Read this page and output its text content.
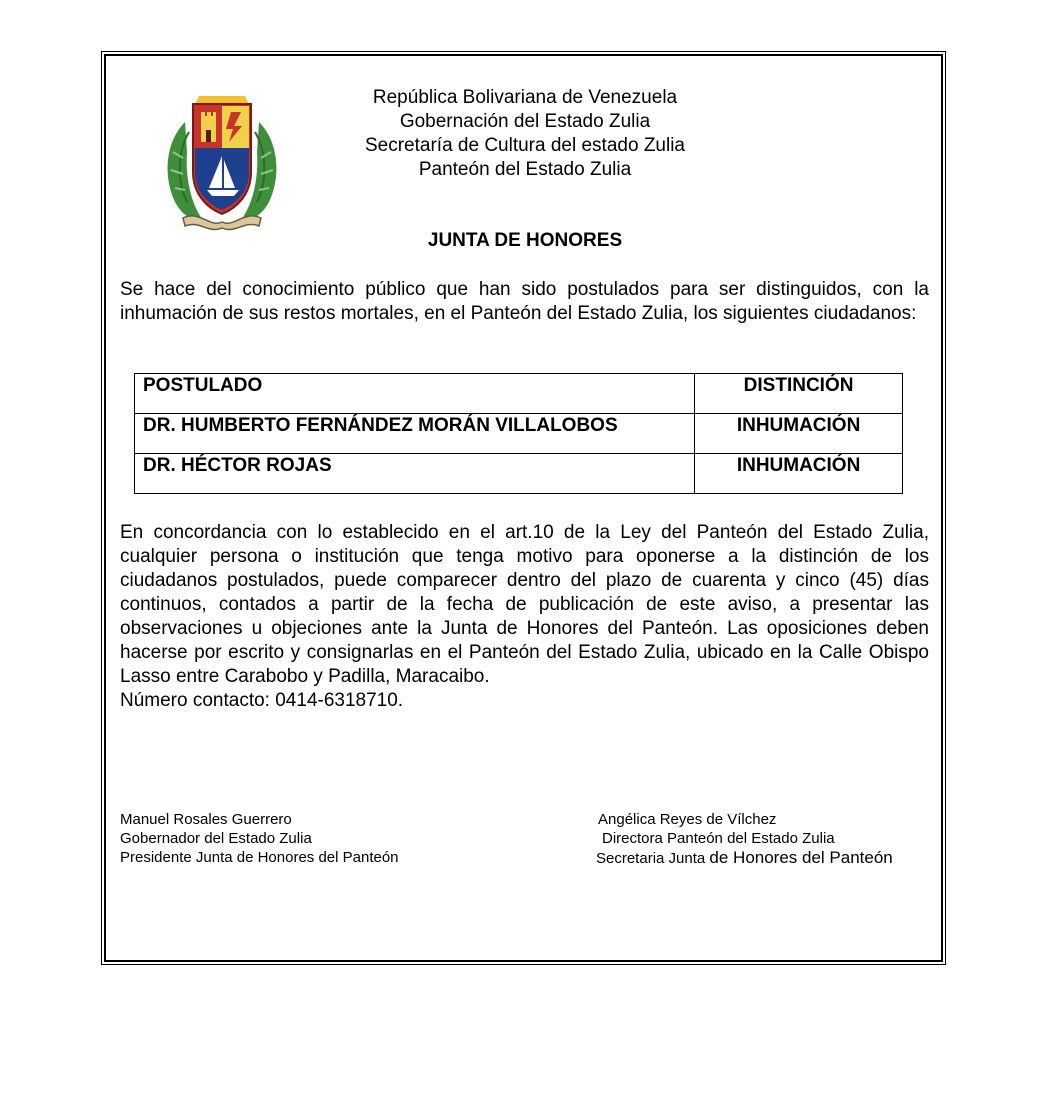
República Bolivariana de Venezuela
Gobernación del Estado Zulia
Secretaría de Cultura del estado Zulia
Panteón del Estado Zulia
JUNTA DE HONORES
Se hace del conocimiento público que han sido postulados para ser distinguidos, con la inhumación de sus restos mortales, en el Panteón del Estado Zulia, los siguientes ciudadanos:
POSTULADO	DISTINCIÓN
DR. HUMBERTO FERNÁNDEZ MORÁN VILLALOBOS	INHUMACIÓN
DR. HÉCTOR ROJAS	INHUMACIÓN
En concordancia con lo establecido en el art.10 de la Ley del Panteón del Estado Zulia, cualquier persona o institución que tenga motivo para oponerse a la distinción de los ciudadanos postulados, puede comparecer dentro del plazo de cuarenta y cinco (45) días continuos, contados a partir de la fecha de publicación de este aviso, a presentar las observaciones u objeciones ante la Junta de Honores del Panteón. Las oposiciones deben hacerse por escrito y consignarlas en el Panteón del Estado Zulia, ubicado en la Calle Obispo Lasso entre Carabobo y Padilla, Maracaibo.
Número contacto: 0414-6318710.
Manuel Rosales Guerrero
Gobernador del Estado Zulia
Presidente Junta de Honores del Panteón
Angélica Reyes de Vílchez
Directora Panteón del Estado Zulia
Secretaria Junta de Honores del Panteón
